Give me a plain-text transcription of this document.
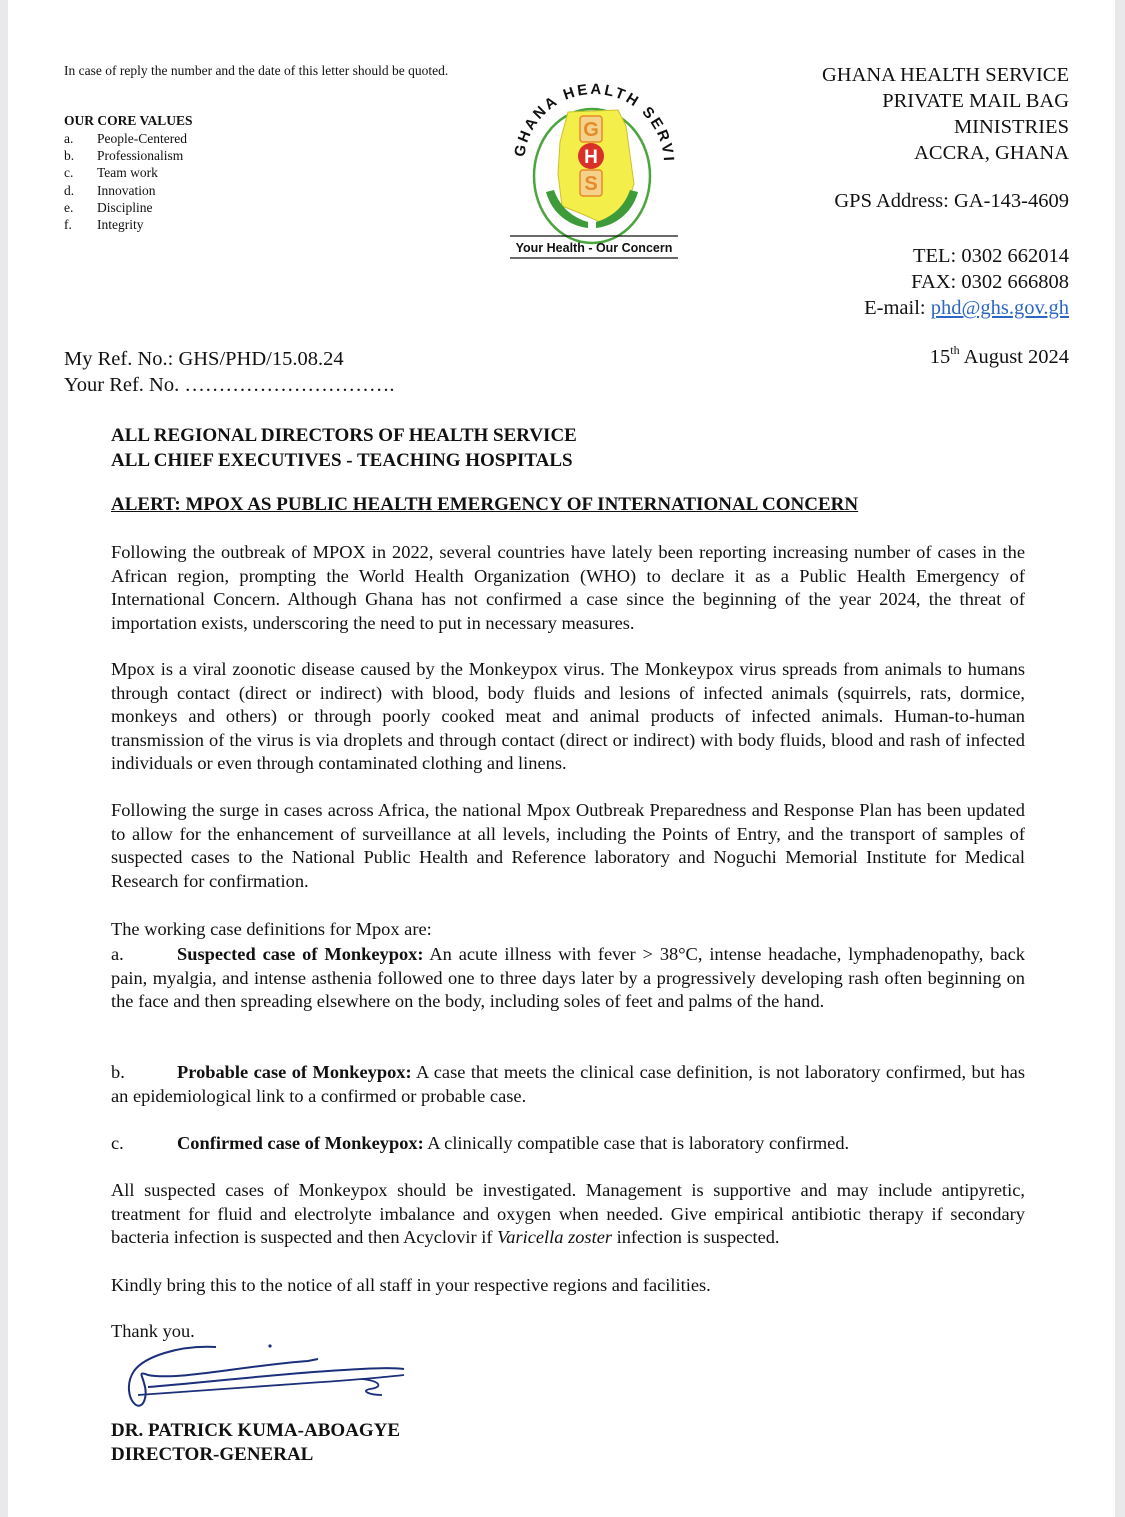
In case of reply the number and the date of this letter should be quoted.
OUR CORE VALUES
a.	People-Centered
b.	Professionalism
c.	Team work
d.	Innovation
e.	Discipline
f.	Integrity
GHANA HEALTH SERVI
G
H
S
Your Health - Our Concern
GHANA HEALTH SERVICE
PRIVATE MAIL BAG
MINISTRIES
ACCRA, GHANA
GPS Address: GA-143-4609
TEL: 0302 662014
FAX: 0302 666808
E-mail: phd@ghs.gov.gh
My Ref. No.: GHS/PHD/15.08.24
Your Ref. No. ………………………….
15th August 2024
ALL REGIONAL DIRECTORS OF HEALTH SERVICE
ALL CHIEF EXECUTIVES - TEACHING HOSPITALS
ALERT: MPOX AS PUBLIC HEALTH EMERGENCY OF INTERNATIONAL CONCERN
Following the outbreak of MPOX in 2022, several countries have lately been reporting increasing number of cases in the African region, prompting the World Health Organization (WHO) to declare it as a Public Health Emergency of International Concern. Although Ghana has not confirmed a case since the beginning of the year 2024, the threat of importation exists, underscoring the need to put in necessary measures.
Mpox is a viral zoonotic disease caused by the Monkeypox virus. The Monkeypox virus spreads from animals to humans through contact (direct or indirect) with blood, body fluids and lesions of infected animals (squirrels, rats, dormice, monkeys and others) or through poorly cooked meat and animal products of infected animals. Human-to-human transmission of the virus is via droplets and through contact (direct or indirect) with body fluids, blood and rash of infected individuals or even through contaminated clothing and linens.
Following the surge in cases across Africa, the national Mpox Outbreak Preparedness and Response Plan has been updated to allow for the enhancement of surveillance at all levels, including the Points of Entry, and the transport of samples of suspected cases to the National Public Health and Reference laboratory and Noguchi Memorial Institute for Medical Research for confirmation.
The working case definitions for Mpox are:
a.	Suspected case of Monkeypox: An acute illness with fever > 38°C, intense headache, lymphadenopathy, back pain, myalgia, and intense asthenia followed one to three days later by a progressively developing rash often beginning on the face and then spreading elsewhere on the body, including soles of feet and palms of the hand.
b.	Probable case of Monkeypox: A case that meets the clinical case definition, is not laboratory confirmed, but has an epidemiological link to a confirmed or probable case.
c.	Confirmed case of Monkeypox: A clinically compatible case that is laboratory confirmed.
All suspected cases of Monkeypox should be investigated. Management is supportive and may include antipyretic, treatment for fluid and electrolyte imbalance and oxygen when needed. Give empirical antibiotic therapy if secondary bacteria infection is suspected and then Acyclovir if Varicella zoster infection is suspected.
Kindly bring this to the notice of all staff in your respective regions and facilities.
Thank you.
DR. PATRICK KUMA-ABOAGYE
DIRECTOR-GENERAL
